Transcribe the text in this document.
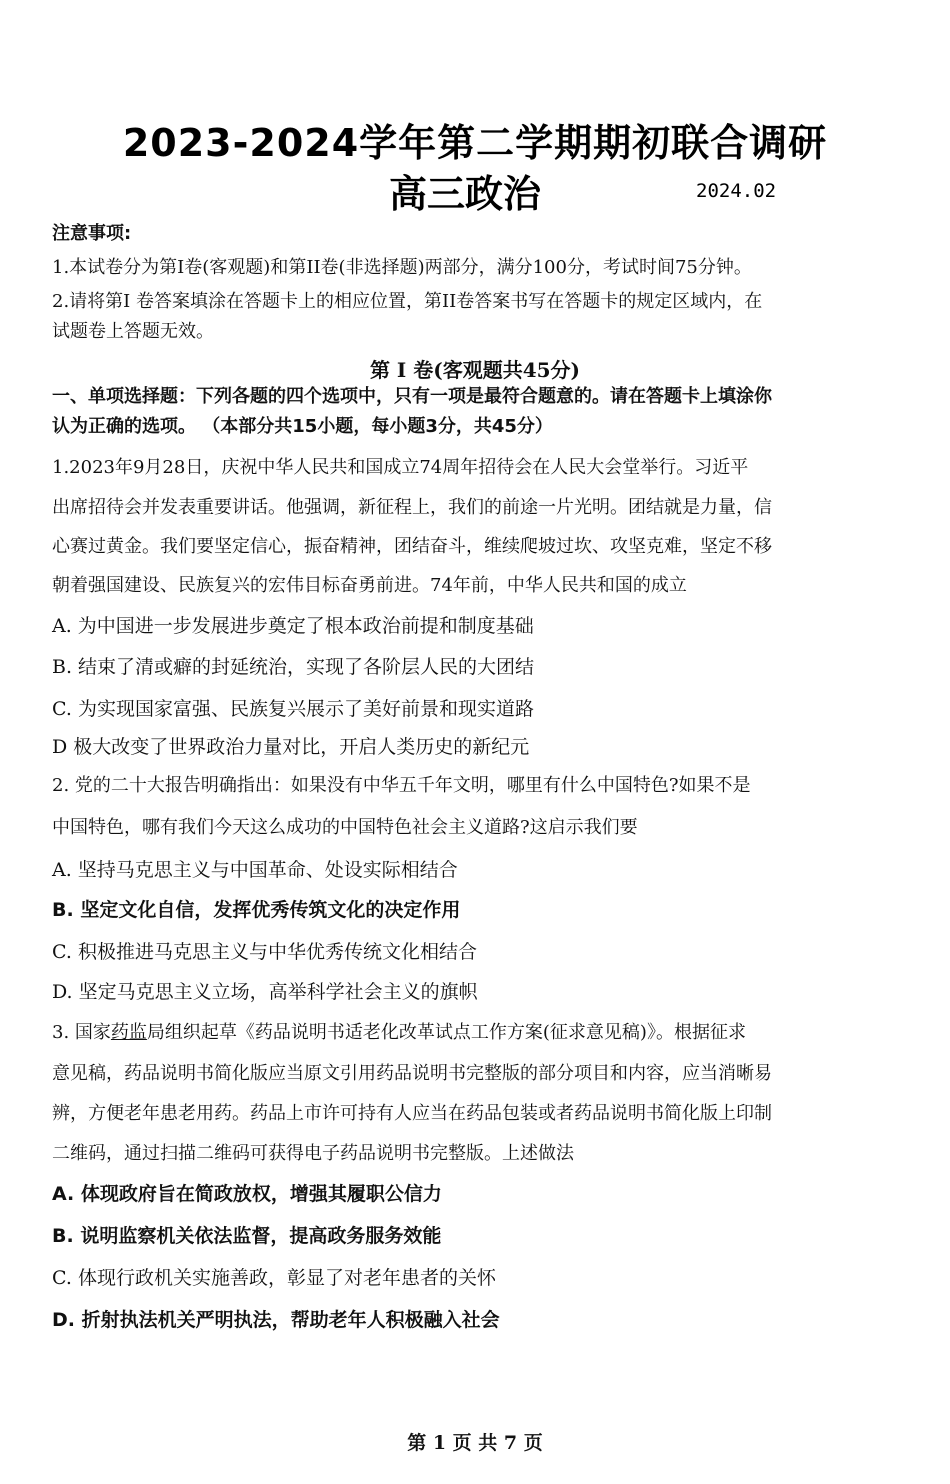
2023-2024学年第二学期期初联合调研
高三政治	2024.02
注意事项:
1.本试卷分为第I卷(客观题)和第II卷(非选择题)两部分，满分100分，考试时间75分钟。
2.请将第I 卷答案填涂在答题卡上的相应位置，第II卷答案书写在答题卡的规定区域内，在
试题卷上答题无效。
第 I 卷(客观题共45分)
一、单项选择题：下列各题的四个选项中，只有一项是最符合题意的。请在答题卡上填涂你
认为正确的选项。 （本部分共15小题，每小题3分，共45分）
1.2023年9月28日，庆祝中华人民共和国成立74周年招待会在人民大会堂举行。习近平
出席招待会并发表重要讲话。他强调，新征程上，我们的前途一片光明。团结就是力量，信
心赛过黄金。我们要坚定信心，振奋精神，团结奋斗，维续爬坡过坎、攻坚克难，坚定不移
朝着强国建设、民族复兴的宏伟目标奋勇前进。74年前，中华人民共和国的成立
A. 为中国进一步发展进步奠定了根本政治前提和制度基础
B. 结束了清或癖的封延统治，实现了各阶层人民的大团结
C. 为实现国家富强、民族复兴展示了美好前景和现实道路
D 极大改变了世界政治力量对比，开启人类历史的新纪元
2. 党的二十大报告明确指出：如果没有中华五千年文明，哪里有什么中国特色?如果不是
中国特色，哪有我们今天这么成功的中国特色社会主义道路?这启示我们要
A. 坚持马克思主义与中国革命、处设实际相结合
B. 坚定文化自信，发挥优秀传筑文化的决定作用
C. 积极推进马克思主义与中华优秀传统文化相结合
D. 坚定马克思主义立场，高举科学社会主义的旗帜
3. 国家药监局组织起草《药品说明书适老化改革试点工作方案(征求意见稿)》。根据征求
意见稿，药品说明书简化版应当原文引用药品说明书完整版的部分项目和内容，应当消晰易
辨，方便老年患老用药。药品上市许可持有人应当在药品包装或者药品说明书简化版上印制
二维码，通过扫描二维码可获得电子药品说明书完整版。上述做法
A. 体现政府旨在简政放权，增强其履职公信力
B. 说明监察机关依法监督，提高政务服务效能
C. 体现行政机关实施善政，彰显了对老年患者的关怀
D. 折射执法机关严明执法，帮助老年人积极融入社会
第 1 页 共 7 页
